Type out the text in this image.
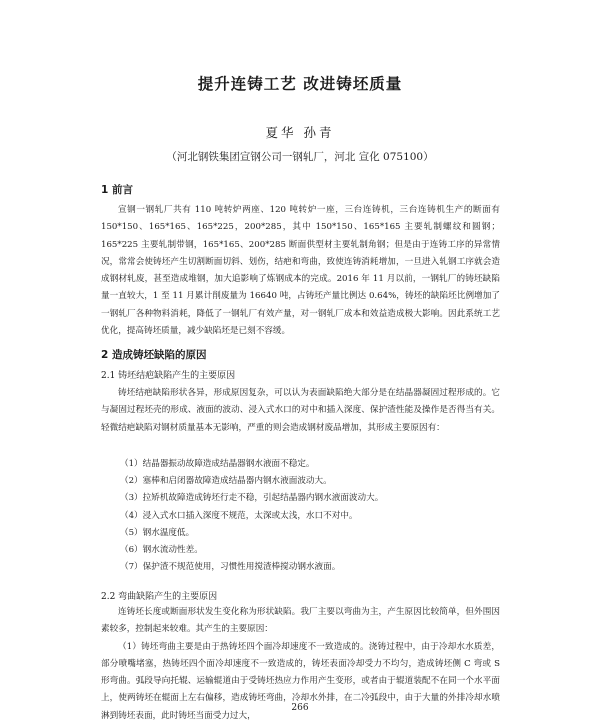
提升连铸工艺 改进铸坯质量
夏华 孙青
（河北钢铁集团宣钢公司一钢轧厂，河北 宣化 075100）
1 前言

宣钢一钢轧厂共有 110 吨转炉两座、120 吨转炉一座，三台连铸机，三台连铸机生产的断面有 150*150、165*165、165*225，200*285，其中 150*150、165*165 主要轧制螺纹和圆钢；165*225 主要轧制带钢，165*165、200*285 断面供型材主要轧制角钢；但是由于连铸工序的异常情况，常常会使铸坯产生切割断面切斜、划伤，结疤和弯曲，致使连铸消耗增加，一旦进入轧钢工序就会造成钢材轧废，甚至造成堆钢，加大追影响了炼钢成本的完成。2016 年 11 月以前，一钢轧厂的铸坯缺陷量一直较大，1 至 11 月累计削废量为 16640 吨，占铸坯产量比例达 0.64%，铸坯的缺陷坯比例增加了一钢轧厂各种物料消耗，降低了一钢轧厂有效产量，对一钢轧厂成本和效益造成极大影响。因此系统工艺优化，提高铸坯质量，减少缺陷坯是已刻不容缓。

2 造成铸坯缺陷的原因
2.1 铸坯结疤缺陷产生的主要原因

铸坯结疤缺陷形状各异，形成原因复杂，可以认为表面缺陷绝大部分是在结晶器凝固过程形成的。它与凝固过程坯壳的形成、液面的波动、浸入式水口的对中和插入深度、保护渣性能及操作是否得当有关。轻微结疤缺陷对钢材质量基本无影响，严重的则会造成钢材废品增加，其形成主要原因有：

（1）结晶器振动故障造成结晶器钢水液面不稳定。
（2）塞棒和启闭器故障造成结晶器内钢水液面波动大。
（3）拉矫机故障造成铸坯行走不稳，引起结晶器内钢水液面波动大。
（4）浸入式水口插入深度不规范，太深或太浅，水口不对中。
（5）钢水温度低。
（6）钢水流动性差。
（7）保护渣不规范使用，习惯性用搅渣棒搅动钢水液面。
2.2 弯曲缺陷产生的主要原因

连铸坯长度或断面形状发生变化称为形状缺陷。我厂主要以弯曲为主，产生原因比较简单，但外围因素较多，控制起来较难。其产生的主要原因：

（1）铸坯弯曲主要是由于热铸坯四个面冷却速度不一致造成的。浇铸过程中，由于冷却水水质差，部分喷嘴堵塞，热铸坯四个面冷却速度不一致造成的，铸坯表面冷却受力不均匀，造成铸坯侧 C 弯或 S 形弯曲。弧段导向托辊、运输辊道由于受铸坯热应力作用产生变形，或者由于辊道装配不在同一个水平面上，使两铸坯在辊面上左右偏移，造成铸坯弯曲，冷却水外排，在二冷弧段中，由于大量的外排冷却水喷淋到铸坯表面，此时铸坯当面受力过大，

266
